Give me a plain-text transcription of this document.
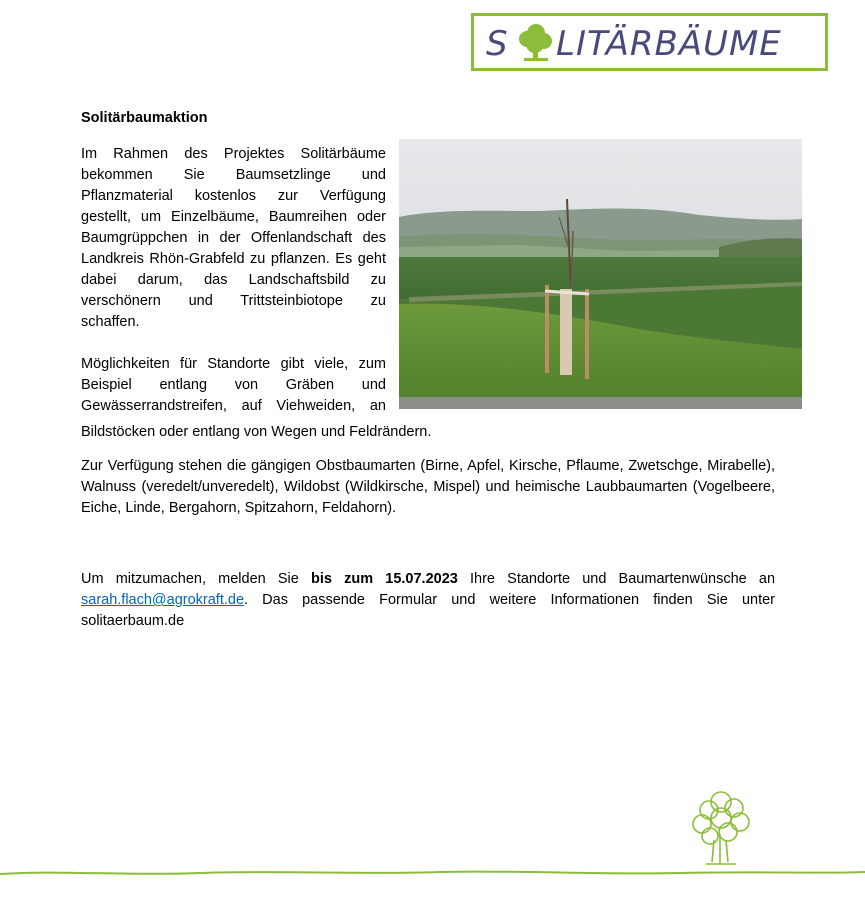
S LITÄRBÄUME
Solitärbaumaktion
Im Rahmen des Projektes Solitärbäume
bekommen Sie Baumsetzlinge und
Pflanzmaterial kostenlos zur Verfügung
gestellt, um Einzelbäume, Baumreihen oder
Baumgrüppchen in der Offenlandschaft des
Landkreis Rhön-Grabfeld zu pflanzen. Es geht
dabei darum, das Landschaftsbild zu
verschönern und Trittsteinbiotope zu
schaffen.
Möglichkeiten für Standorte gibt viele, zum
Beispiel entlang von Gräben und
Gewässerrandstreifen, auf Viehweiden, an
Bildstöcken oder entlang von Wegen und Feldrändern.
Zur Verfügung stehen die gängigen Obstbaumarten (Birne, Apfel, Kirsche, Pflaume, Zwetschge, Mirabelle), Walnuss (veredelt/unveredelt), Wildobst (Wildkirsche, Mispel) und heimische Laubbaumarten (Vogelbeere, Eiche, Linde, Bergahorn, Spitzahorn, Feldahorn).
Um mitzumachen, melden Sie bis zum 15.07.2023 Ihre Standorte und Baumartenwünsche an sarah.flach@agrokraft.de. Das passende Formular und weitere Informationen finden Sie unter solitaerbaum.de
